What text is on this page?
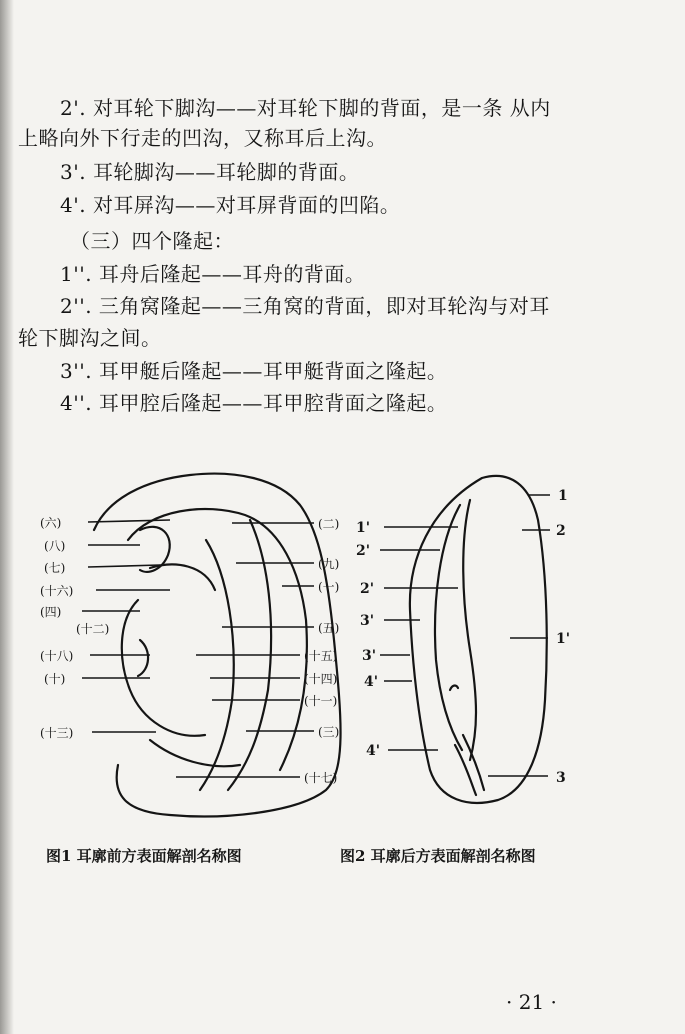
2'. 对耳轮下脚沟——对耳轮下脚的背面，是一条 从内
上略向外下行走的凹沟，又称耳后上沟。
3'. 耳轮脚沟——耳轮脚的背面。
4'. 对耳屏沟——对耳屏背面的凹陷。
（三）四个隆起：
1''. 耳舟后隆起——耳舟的背面。
2''. 三角窝隆起——三角窝的背面，即对耳轮沟与对耳
轮下脚沟之间。
3''. 耳甲艇后隆起——耳甲艇背面之隆起。
4''. 耳甲腔后隆起——耳甲腔背面之隆起。
(六)
(八)
(七)
(十六)
(四)
(十二)
(十八)
(十)
(十三)
(二)
(九)
(一)
(五)
(十五)
(十四)
(十一)
(三)
(十七)
1'
2'
2'
3'
3'
4'
4'
1
2
1'
3
图1 耳廓前方表面解剖名称图	图2 耳廓后方表面解剖名称图
· 21 ·
